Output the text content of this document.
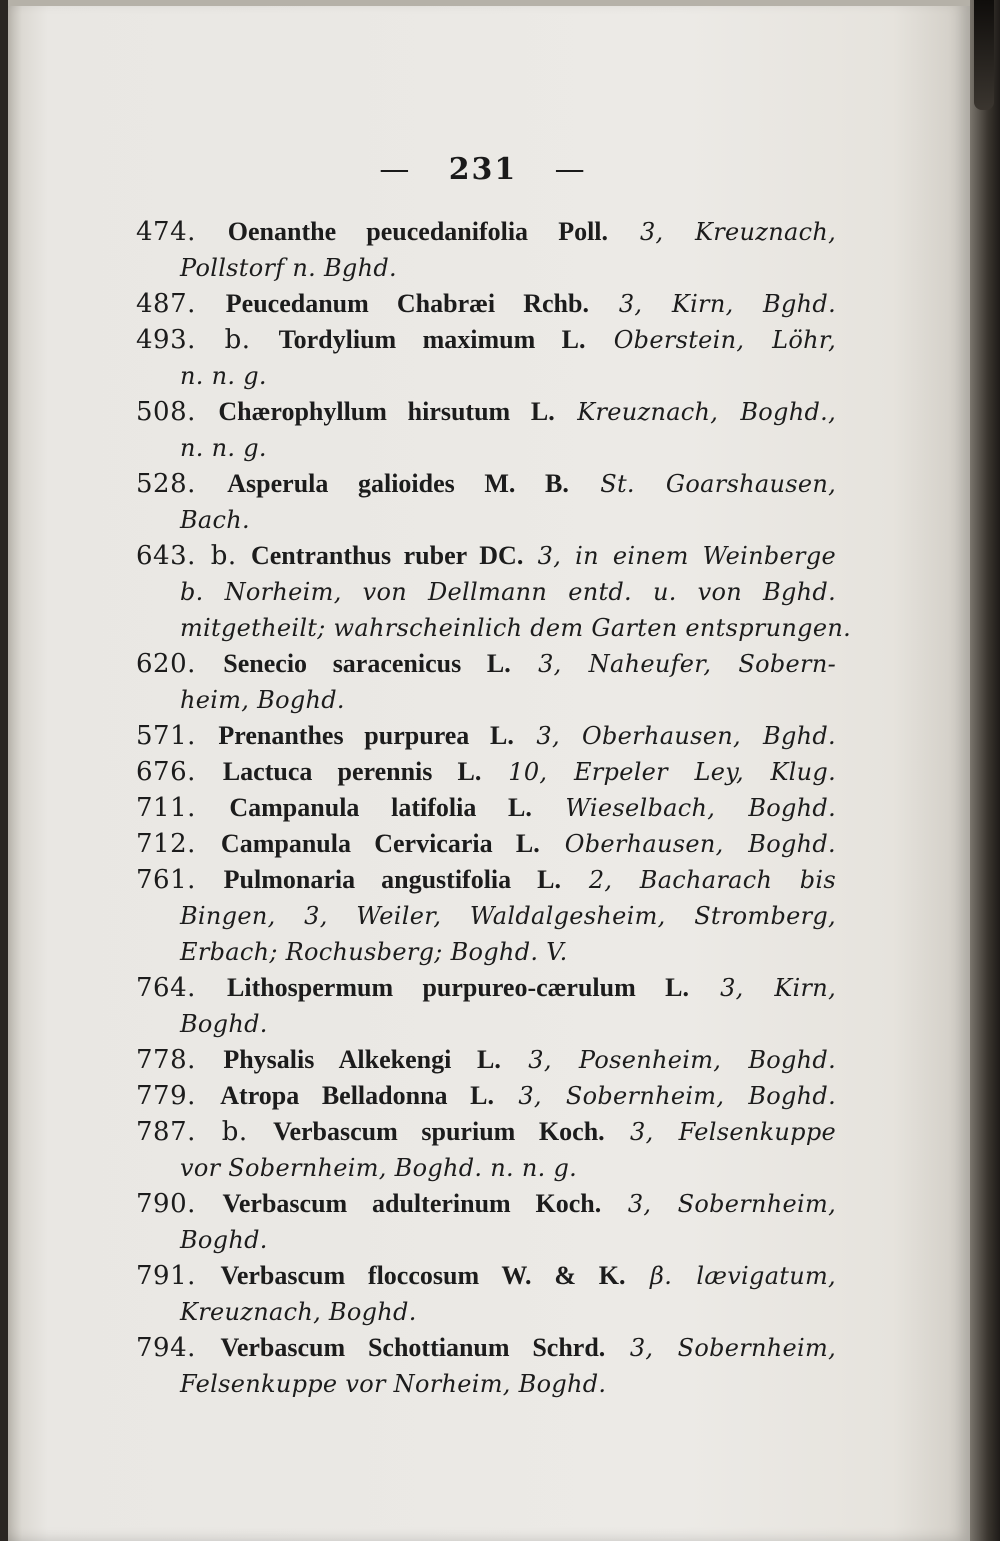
— 231 —
474. Oenanthe peucedanifolia Poll. 3, Kreuznach,
Pollstorf n. Bghd.
487. Peucedanum Chabræi Rchb. 3, Kirn, Bghd.
493. b. Tordylium maximum L. Oberstein, Löhr,
n. n. g.
508. Chærophyllum hirsutum L. Kreuznach, Boghd.,
n. n. g.
528. Asperula galioides M. B. St. Goarshausen,
Bach.
643. b. Centranthus ruber DC. 3, in einem Weinberge
b. Norheim, von Dellmann entd. u. von Bghd.
mitgetheilt; wahrscheinlich dem Garten entsprungen.
620. Senecio saracenicus L. 3, Naheufer, Sobern-
heim, Boghd.
571. Prenanthes purpurea L. 3, Oberhausen, Bghd.
676. Lactuca perennis L. 10, Erpeler Ley, Klug.
711. Campanula latifolia L. Wieselbach, Boghd.
712. Campanula Cervicaria L. Oberhausen, Boghd.
761. Pulmonaria angustifolia L. 2, Bacharach bis
Bingen, 3, Weiler, Waldalgesheim, Stromberg,
Erbach; Rochusberg; Boghd. V.
764. Lithospermum purpureo-cærulum L. 3, Kirn,
Boghd.
778. Physalis Alkekengi L. 3, Posenheim, Boghd.
779. Atropa Belladonna L. 3, Sobernheim, Boghd.
787. b. Verbascum spurium Koch. 3, Felsenkuppe
vor Sobernheim, Boghd. n. n. g.
790. Verbascum adulterinum Koch. 3, Sobernheim,
Boghd.
791. Verbascum floccosum W. & K. β. lævigatum,
Kreuznach, Boghd.
794. Verbascum Schottianum Schrd. 3, Sobernheim,
Felsenkuppe vor Norheim, Boghd.
